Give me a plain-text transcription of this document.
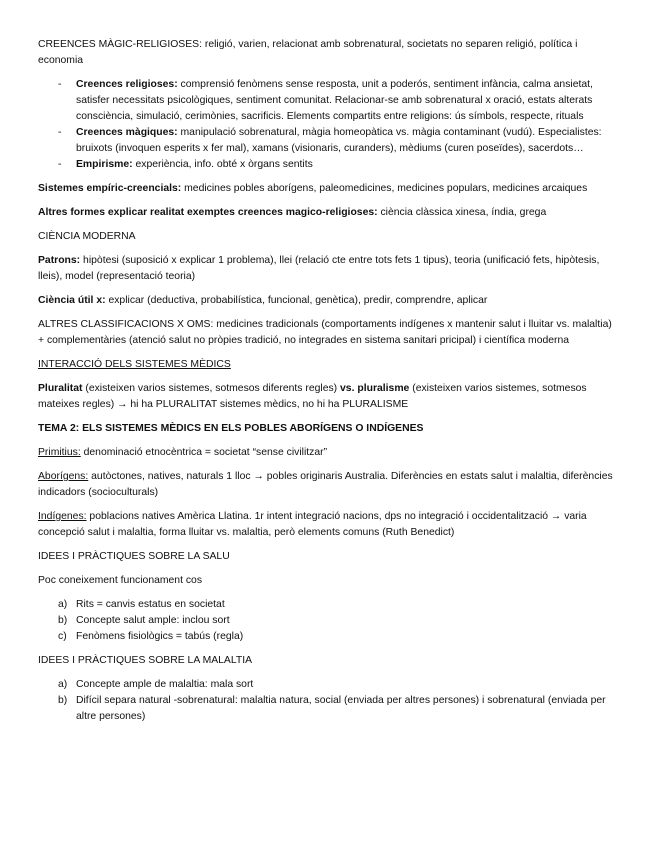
CREENCES MÀGIC-RELIGIOSES: religió, varien, relacionat amb sobrenatural, societats no separen religió, política i economia

- Creences religioses: comprensió fenòmens sense resposta, unit a poderós, sentiment infància, calma ansietat, satisfer necessitats psicològiques, sentiment comunitat. Relacionar-se amb sobrenatural x oració, estats alterats consciència, simulació, cerimònies, sacrificis. Elements compartits entre religions: ús símbols, respecte, rituals
- Creences màgiques: manipulació sobrenatural, màgia homeopàtica vs. màgia contaminant (vudú). Especialistes: bruixots (invoquen esperits x fer mal), xamans (visionaris, curanders), mèdiums (curen poseïdes), sacerdots…
- Empirisme: experiència, info. obté x òrgans sentits

Sistemes empíric-creencials: medicines pobles aborígens, paleomedicines, medicines populars, medicines arcaiques

Altres formes explicar realitat exemptes creences magico-religioses: ciència clàssica xinesa, índia, grega

CIÈNCIA MODERNA

Patrons: hipòtesi (suposició x explicar 1 problema), llei (relació cte entre tots fets 1 tipus), teoria (unificació fets, hipòtesis, lleis), model (representació teoria)

Ciència útil x: explicar (deductiva, probabilística, funcional, genètica), predir, comprendre, aplicar

ALTRES CLASSIFICACIONS X OMS: medicines tradicionals (comportaments indígenes x mantenir salut i lluitar vs. malaltia) + complementàries (atenció salut no pròpies tradició, no integrades en sistema sanitari pricipal) i científica moderna

INTERACCIÓ DELS SISTEMES MÈDICS

Pluralitat (existeixen varios sistemes, sotmesos diferents regles) vs. pluralisme (existeixen varios sistemes, sotmesos mateixes regles) → hi ha PLURALITAT sistemes mèdics, no hi ha PLURALISME

TEMA 2: ELS SISTEMES MÈDICS EN ELS POBLES ABORÍGENS O INDÍGENES

Primitius: denominació etnocèntrica = societat “sense civilitzar”

Aborígens: autòctones, natives, naturals 1 lloc → pobles originaris Australia. Diferències en estats salut i malaltia, diferències indicadors (socioculturals)

Indígenes: poblacions natives Amèrica Llatina. 1r intent integració nacions, dps no integració i occidentalització → varia concepció salut i malaltia, forma lluitar vs. malaltia, però elements comuns (Ruth Benedict)

IDEES I PRÀCTIQUES SOBRE LA SALU

Poc coneixement funcionament cos

a) Rits = canvis estatus en societat
b) Concepte salut ample: inclou sort
c) Fenòmens fisiològics = tabús (regla)

IDEES I PRÀCTIQUES SOBRE LA MALALTIA

a) Concepte ample de malaltia: mala sort
b) Difícil separa natural -sobrenatural: malaltia natura, social (enviada per altres persones) i sobrenatural (enviada per altre persones)
